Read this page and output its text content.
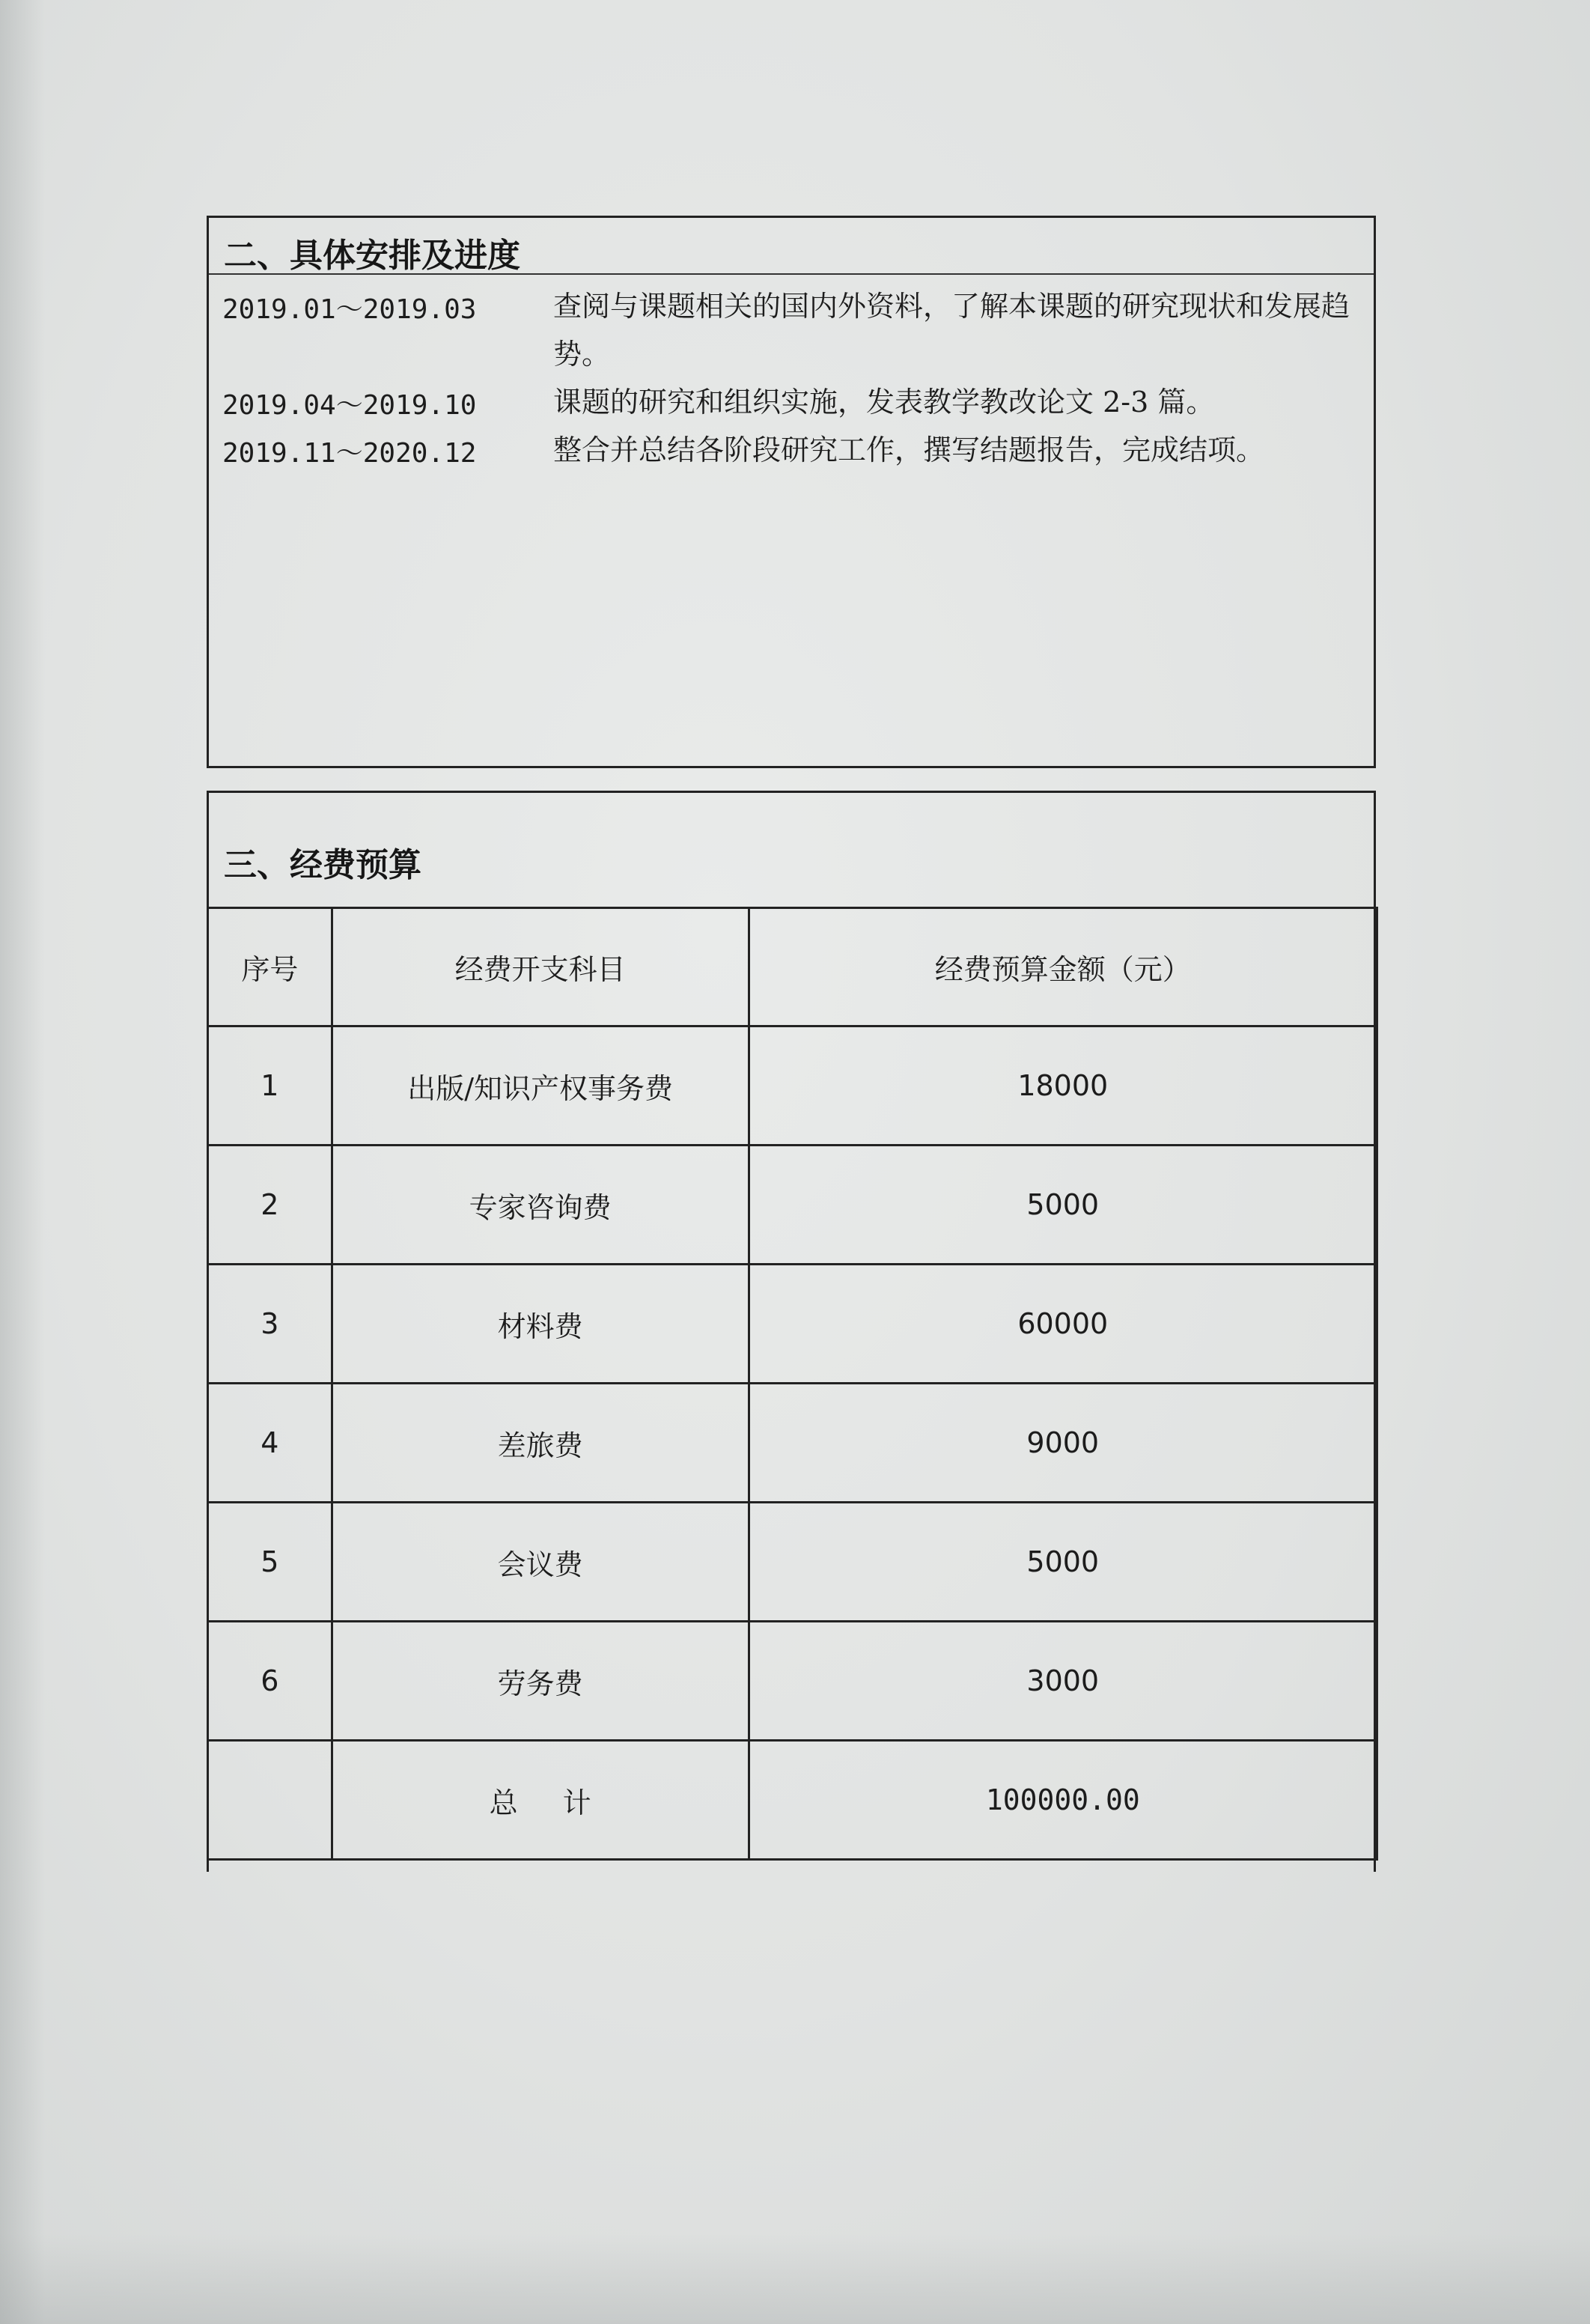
二、具体安排及进度
2019.01～2019.03	查阅与课题相关的国内外资料，了解本课题的研究现状和发展趋势。
2019.04～2019.10	课题的研究和组织实施，发表教学教改论文 2-3 篇。
2019.11～2020.12	整合并总结各阶段研究工作，撰写结题报告，完成结项。
三、经费预算
序号	经费开支科目	经费预算金额（元）
1	出版/知识产权事务费	18000
2	专家咨询费	5000
3	材料费	60000
4	差旅费	9000
5	会议费	5000
6	劳务费	3000
	总计	100000.00
